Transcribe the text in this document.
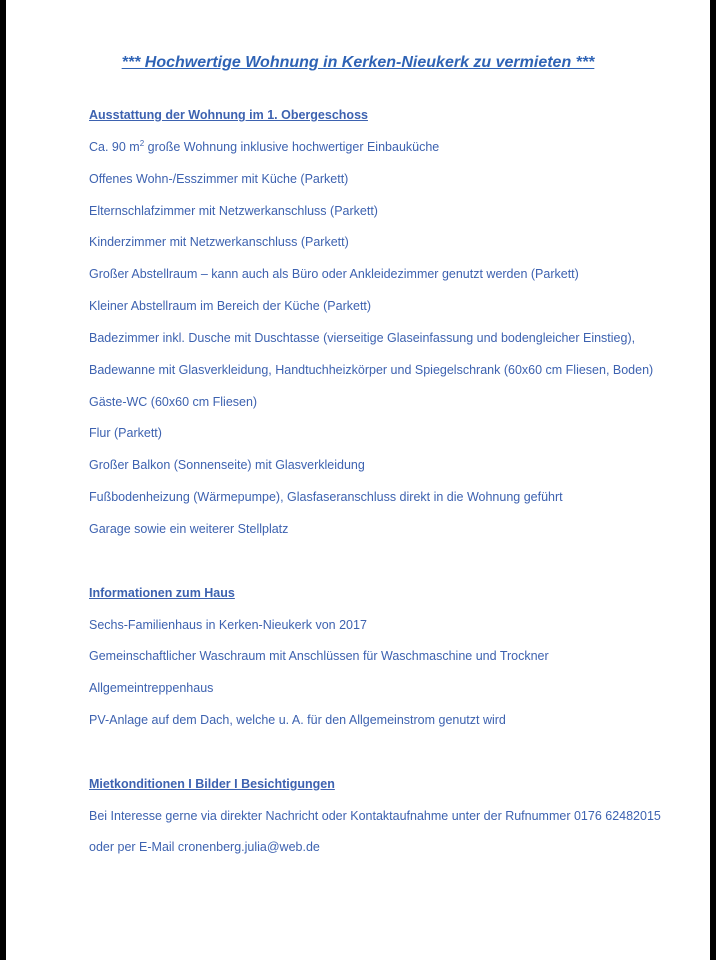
*** Hochwertige Wohnung in Kerken-Nieukerk zu vermieten ***
Ausstattung der Wohnung im 1. Obergeschoss
Ca. 90 $m^2$ große Wohnung inklusive hochwertiger Einbauküche
Offenes Wohn-/Esszimmer mit Küche (Parkett)
Elternschlafzimmer mit Netzwerkanschluss (Parkett)
Kinderzimmer mit Netzwerkanschluss (Parkett)
Großer Abstellraum – kann auch als Büro oder Ankleidezimmer genutzt werden (Parkett)
Kleiner Abstellraum im Bereich der Küche (Parkett)
Badezimmer inkl. Dusche mit Duschtasse (vierseitige Glaseinfassung und bodengleicher Einstieg),
Badewanne mit Glasverkleidung, Handtuchheizkörper und Spiegelschrank (60x60 cm Fliesen, Boden)
Gäste-WC (60x60 cm Fliesen)
Flur (Parkett)
Großer Balkon (Sonnenseite) mit Glasverkleidung
Fußbodenheizung (Wärmepumpe), Glasfaseranschluss direkt in die Wohnung geführt
Garage sowie ein weiterer Stellplatz
Informationen zum Haus
Sechs-Familienhaus in Kerken-Nieukerk von 2017
Gemeinschaftlicher Waschraum mit Anschlüssen für Waschmaschine und Trockner
Allgemeintreppenhaus
PV-Anlage auf dem Dach, welche u. A. für den Allgemeinstrom genutzt wird
Mietkonditionen I Bilder I Besichtigungen
Bei Interesse gerne via direkter Nachricht oder Kontaktaufnahme unter der Rufnummer 0176 62482015
oder per E-Mail cronenberg.julia@web.de
